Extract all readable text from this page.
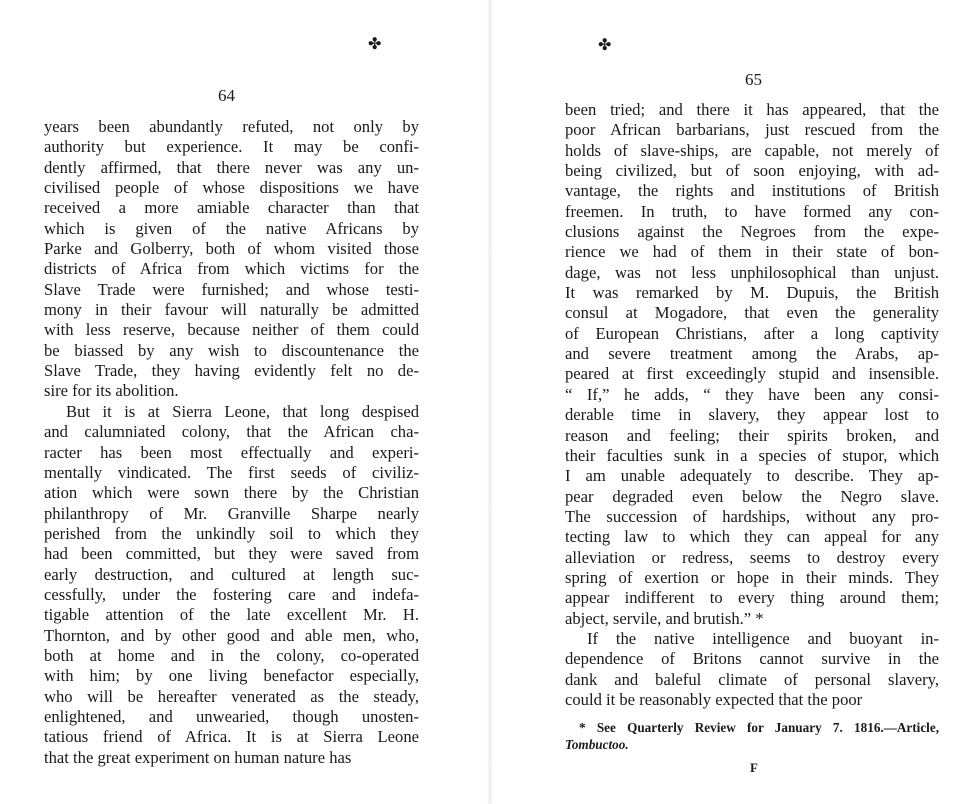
✤
64
years been abundantly refuted, not only by
authority but experience. It may be confi-
dently affirmed, that there never was any un-
civilised people of whose dispositions we have
received a more amiable character than that
which is given of the native Africans by
Parke and Golberry, both of whom visited those
districts of Africa from which victims for the
Slave Trade were furnished; and whose testi-
mony in their favour will naturally be admitted
with less reserve, because neither of them could
be biassed by any wish to discountenance the
Slave Trade, they having evidently felt no de-
sire for its abolition.
But it is at Sierra Leone, that long despised
and calumniated colony, that the African cha-
racter has been most effectually and experi-
mentally vindicated. The first seeds of civiliz-
ation which were sown there by the Christian
philanthropy of Mr. Granville Sharpe nearly
perished from the unkindly soil to which they
had been committed, but they were saved from
early destruction, and cultured at length suc-
cessfully, under the fostering care and indefa-
tigable attention of the late excellent Mr. H.
Thornton, and by other good and able men, who,
both at home and in the colony, co-operated
with him; by one living benefactor especially,
who will be hereafter venerated as the steady,
enlightened, and unwearied, though unosten-
tatious friend of Africa. It is at Sierra Leone
that the great experiment on human nature has
✤
65
been tried; and there it has appeared, that the
poor African barbarians, just rescued from the
holds of slave-ships, are capable, not merely of
being civilized, but of soon enjoying, with ad-
vantage, the rights and institutions of British
freemen. In truth, to have formed any con-
clusions against the Negroes from the expe-
rience we had of them in their state of bon-
dage, was not less unphilosophical than unjust.
It was remarked by M. Dupuis, the British
consul at Mogadore, that even the generality
of European Christians, after a long captivity
and severe treatment among the Arabs, ap-
peared at first exceedingly stupid and insensible.
“ If,” he adds, “ they have been any consi-
derable time in slavery, they appear lost to
reason and feeling; their spirits broken, and
their faculties sunk in a species of stupor, which
I am unable adequately to describe. They ap-
pear degraded even below the Negro slave.
The succession of hardships, without any pro-
tecting law to which they can appeal for any
alleviation or redress, seems to destroy every
spring of exertion or hope in their minds. They
appear indifferent to every thing around them;
abject, servile, and brutish.” *
If the native intelligence and buoyant in-
dependence of Britons cannot survive in the
dank and baleful climate of personal slavery,
could it be reasonably expected that the poor
* See Quarterly Review for January 7. 1816.—Article,
Tombuctoo.
F
